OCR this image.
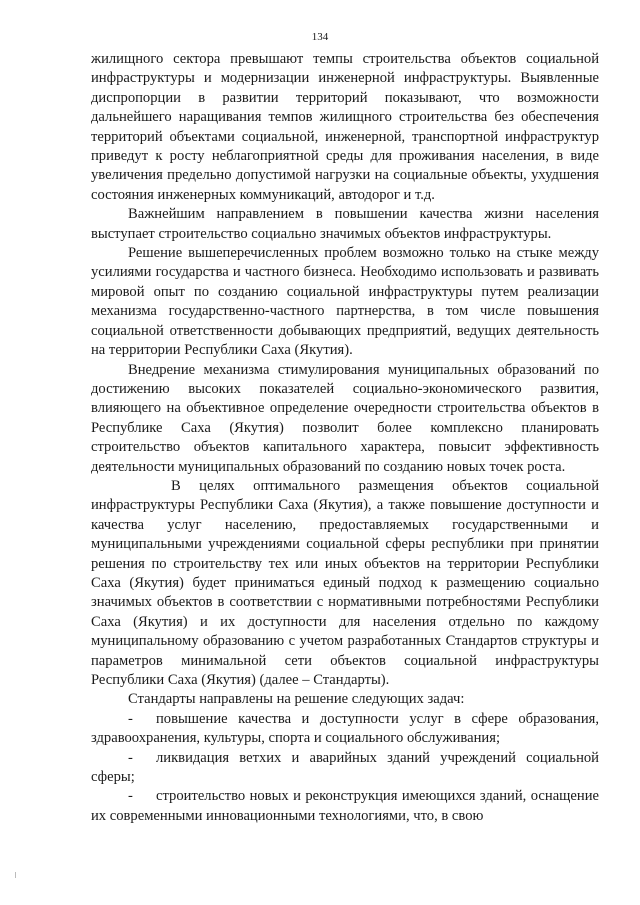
134

жилищного сектора превышают темпы строительства объектов социальной инфраструктуры и модернизации инженерной инфраструктуры. Выявленные диспропорции в развитии территорий показывают, что возможности дальнейшего наращивания темпов жилищного строительства без обеспечения территорий объектами социальной, инженерной, транспортной инфраструктур приведут к росту неблагоприятной среды для проживания населения, в виде увеличения предельно допустимой нагрузки на социальные объекты, ухудшения состояния инженерных коммуникаций, автодорог и т.д.

Важнейшим направлением в повышении качества жизни населения выступает строительство социально значимых объектов инфраструктуры.

Решение вышеперечисленных проблем возможно только на стыке между усилиями государства и частного бизнеса. Необходимо использовать и развивать мировой опыт по созданию социальной инфраструктуры путем реализации механизма государственно-частного партнерства, в том числе повышения социальной ответственности добывающих предприятий, ведущих деятельность на территории Республики Саха (Якутия).

Внедрение механизма стимулирования муниципальных образований по достижению высоких показателей социально-экономического развития, влияющего на объективное определение очередности строительства объектов в Республике Саха (Якутия) позволит более комплексно планировать строительство объектов капитального характера, повысит эффективность деятельности муниципальных образований по созданию новых точек роста.

В целях оптимального размещения объектов социальной инфраструктуры Республики Саха (Якутия), а также повышение доступности и качества услуг населению, предоставляемых государственными и муниципальными учреждениями социальной сферы республики при принятии решения по строительству тех или иных объектов на территории Республики Саха (Якутия) будет приниматься единый подход к размещению социально значимых объектов в соответствии с нормативными потребностями Республики Саха (Якутия) и их доступности для населения отдельно по каждому муниципальному образованию с учетом разработанных Стандартов структуры и параметров минимальной сети объектов социальной инфраструктуры Республики Саха (Якутия) (далее – Стандарты).

Стандарты направлены на решение следующих задач:

- повышение качества и доступности услуг в сфере образования, здравоохранения, культуры, спорта и социального обслуживания;

- ликвидация ветхих и аварийных зданий учреждений социальной сферы;

- строительство новых и реконструкция имеющихся зданий, оснащение их современными инновационными технологиями, что, в свою
